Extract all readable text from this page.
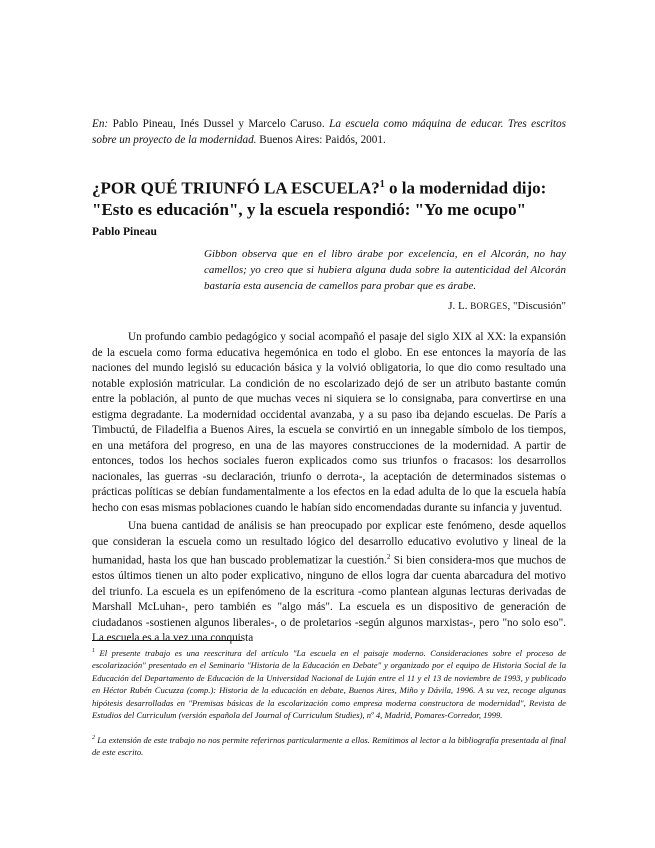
En: Pablo Pineau, Inés Dussel y Marcelo Caruso. La escuela como máquina de educar. Tres escritos sobre un proyecto de la modernidad. Buenos Aires: Paidós, 2001.

¿POR QUÉ TRIUNFÓ LA ESCUELA?$^1$ o la modernidad dijo: "Esto es educación", y la escuela respondió: "Yo me ocupo"

Pablo Pineau

Gibbon observa que en el libro árabe por excelencia, en el Alcorán, no hay camellos; yo creo que si hubiera alguna duda sobre la autenticidad del Alcorán bastaría esta ausencia de camellos para probar que es árabe.

J. L. BORGES, "Discusión"

Un profundo cambio pedagógico y social acompañó el pasaje del siglo XIX al XX: la expansión de la escuela como forma educativa hegemónica en todo el globo. En ese entonces la mayoría de las naciones del mundo legisló su educación básica y la volvió obligatoria, lo que dio como resultado una notable explosión matricular. La condición de no escolarizado dejó de ser un atributo bastante común entre la población, al punto de que muchas veces ni siquiera se lo consignaba, para convertirse en una estigma degradante. La modernidad occidental avanzaba, y a su paso iba dejando escuelas. De París a Timbuctú, de Filadelfia a Buenos Aires, la escuela se convirtió en un innegable símbolo de los tiempos, en una metáfora del progreso, en una de las mayores construcciones de la modernidad. A partir de entonces, todos los hechos sociales fueron explicados como sus triunfos o fracasos: los desarrollos nacionales, las guerras -su declaración, triunfo o derrota-, la aceptación de determinados sistemas o prácticas políticas se debían fundamentalmente a los efectos en la edad adulta de lo que la escuela había hecho con esas mismas poblaciones cuando le habían sido encomendadas durante su infancia y juventud.

Una buena cantidad de análisis se han preocupado por explicar este fenómeno, desde aquellos que consideran la escuela como un resultado lógico del desarrollo educativo evolutivo y lineal de la humanidad, hasta los que han buscado problematizar la cuestión.$^2$ Si bien considera-mos que muchos de estos últimos tienen un alto poder explicativo, ninguno de ellos logra dar cuenta abarcadura del motivo del triunfo. La escuela es un epifenómeno de la escritura -como plantean algunas lecturas derivadas de Marshall McLuhan-, pero también es "algo más". La escuela es un dispositivo de generación de ciudadanos -sostienen algunos liberales-, o de proletarios -según algunos marxistas-, pero "no solo eso". La escuela es a la vez una conquista

$^1$ El presente trabajo es una reescritura del artículo "La escuela en el paisaje moderno. Consideraciones sobre el proceso de escolarización" presentado en el Seminario "Historia de la Educación en Debate" y organizado por el equipo de Historia Social de la Educación del Departamento de Educación de la Universidad Nacional de Luján entre el 11 y el 13 de noviembre de 1993, y publicado en Héctor Rubén Cucuzza (comp.): Historia de la educación en debate, Buenos Aires, Miño y Dávila, 1996. A su vez, recoge algunas hipótesis desarrolladas en "Premisas básicas de la escolarización como empresa moderna constructora de modernidad", Revista de Estudios del Curriculum (versión española del Journal of Curriculum Studies), nº 4, Madrid, Pomares-Corredor, 1999.

$^2$ La extensión de este trabajo no nos permite referirnos particularmente a ellos. Remitimos al lector a la bibliografía presentada al final de este escrito.
